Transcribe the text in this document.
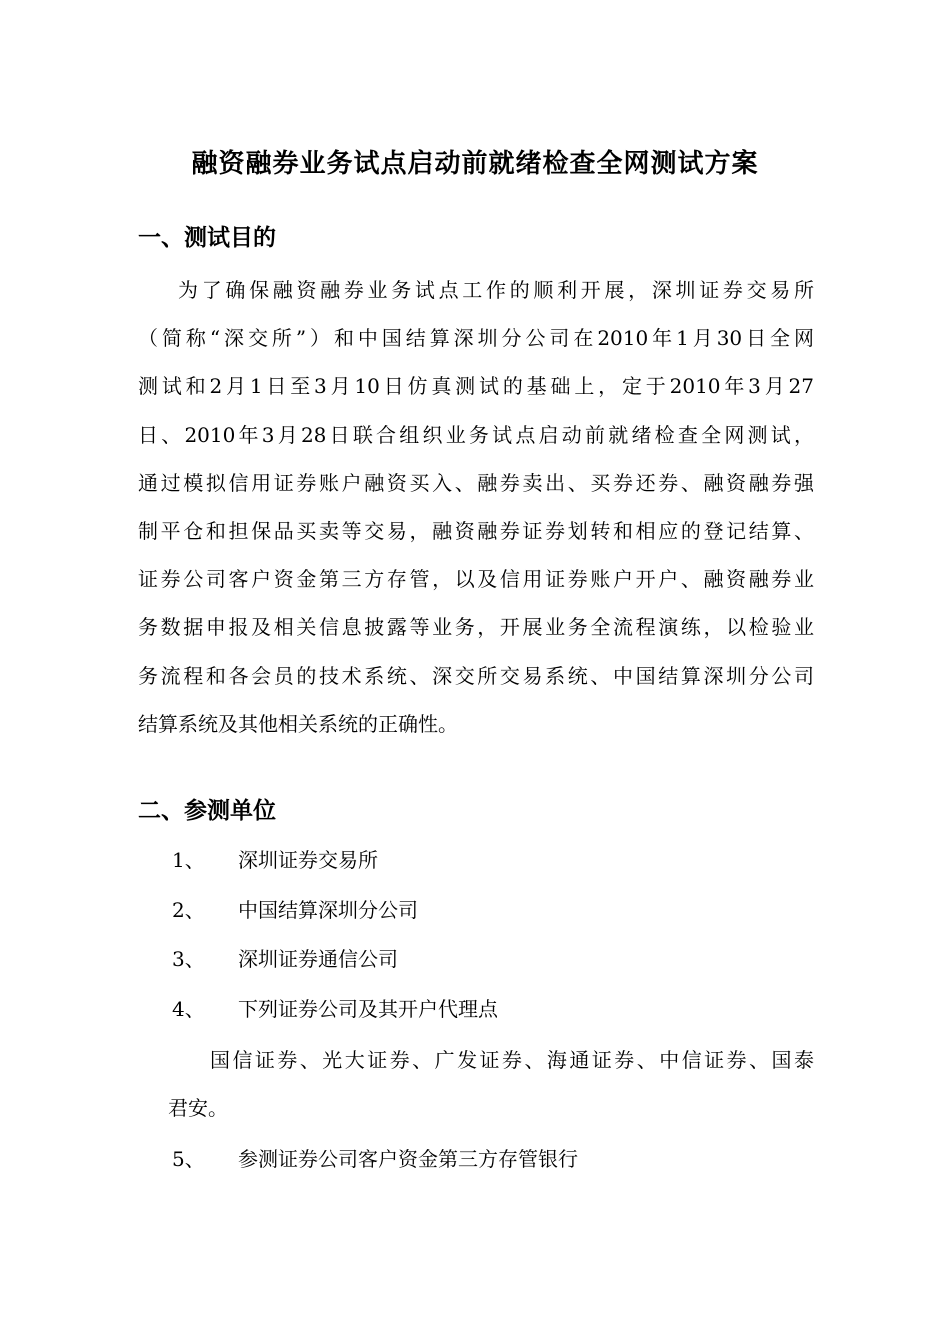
融资融券业务试点启动前就绪检查全网测试方案
一、测试目的
为了确保融资融券业务试点工作的顺利开展，深圳证券交易所
（简称“深交所”）和中国结算深圳分公司在2010年1月30日全网
测试和2月1日至3月10日仿真测试的基础上，定于2010年3月27
日、2010年3月28日联合组织业务试点启动前就绪检查全网测试，
通过模拟信用证券账户融资买入、融券卖出、买券还券、融资融券强
制平仓和担保品买卖等交易，融资融券证券划转和相应的登记结算、
证券公司客户资金第三方存管，以及信用证券账户开户、融资融券业
务数据申报及相关信息披露等业务，开展业务全流程演练，以检验业
务流程和各会员的技术系统、深交所交易系统、中国结算深圳分公司
结算系统及其他相关系统的正确性。
二、参测单位
1、 深圳证券交易所
2、 中国结算深圳分公司
3、 深圳证券通信公司
4、 下列证券公司及其开户代理点
国信证券、光大证券、广发证券、海通证券、中信证券、国泰
君安。
5、 参测证券公司客户资金第三方存管银行
